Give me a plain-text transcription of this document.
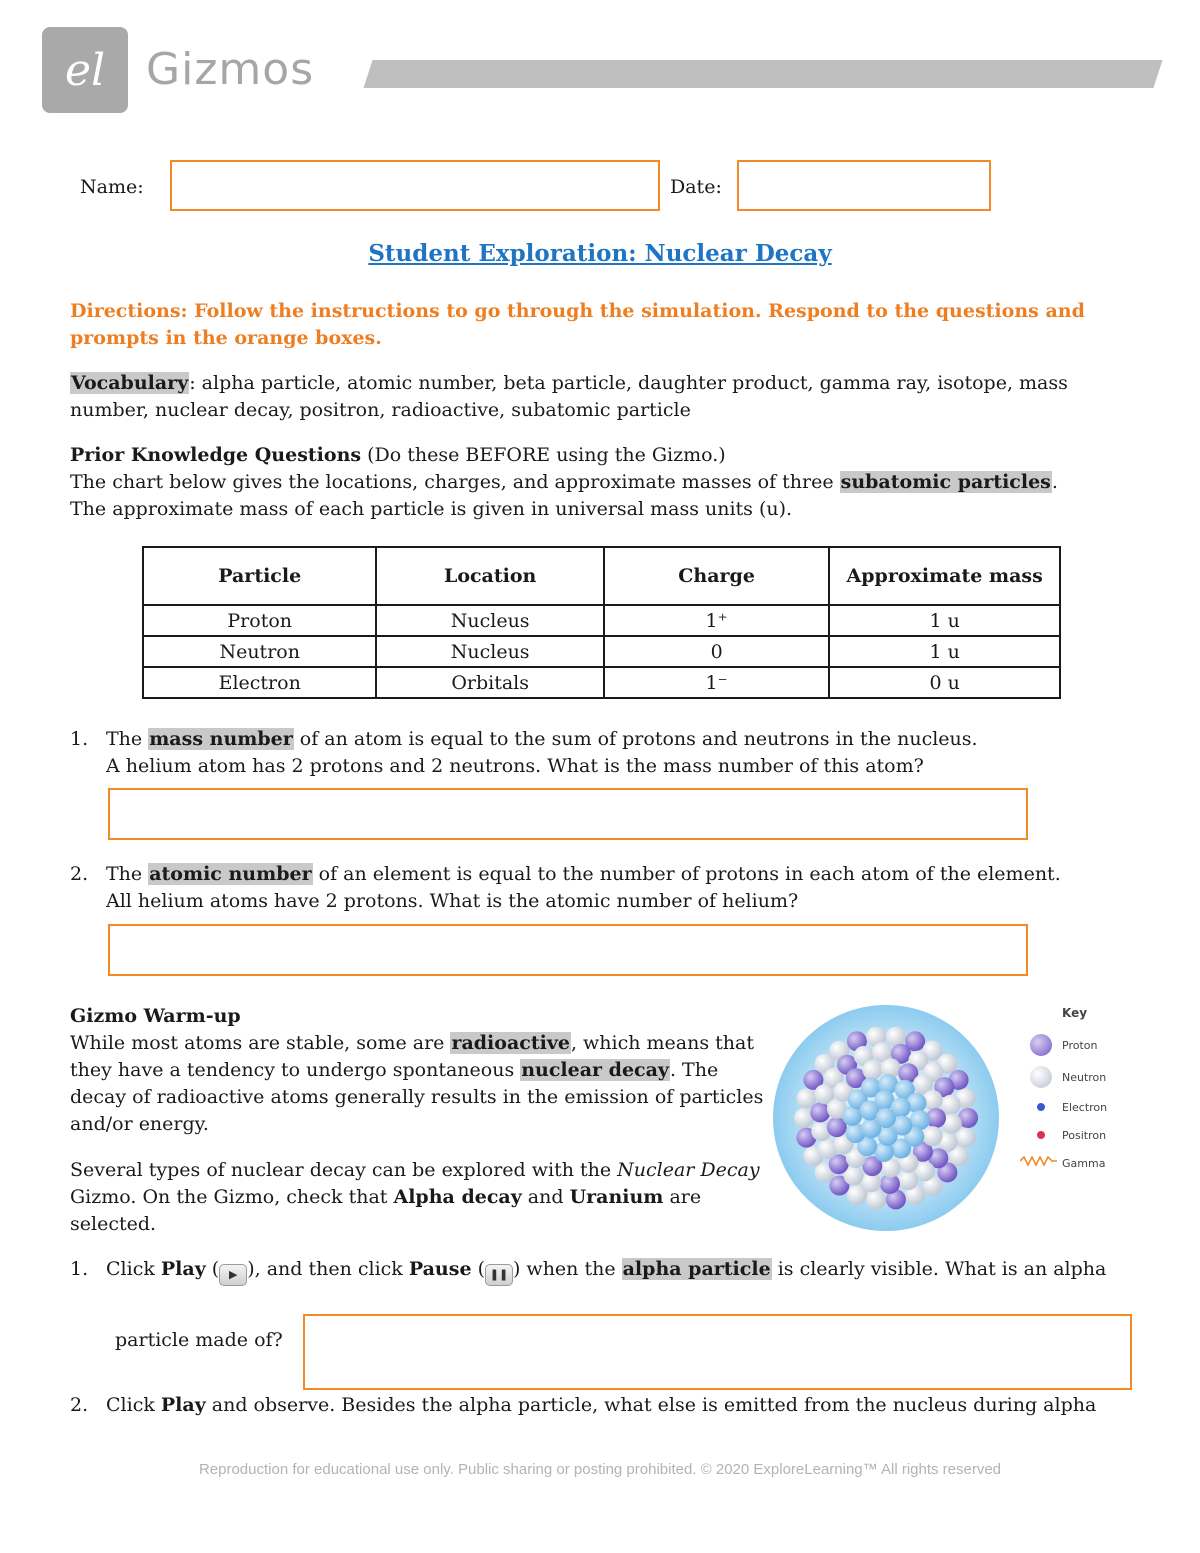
el Gizmos
Name:	Date:
Student Exploration: Nuclear Decay
Directions: Follow the instructions to go through the simulation. Respond to the questions and prompts in the orange boxes.
Vocabulary: alpha particle, atomic number, beta particle, daughter product, gamma ray, isotope, mass number, nuclear decay, positron, radioactive, subatomic particle
Prior Knowledge Questions (Do these BEFORE using the Gizmo.)
The chart below gives the locations, charges, and approximate masses of three subatomic particles.
The approximate mass of each particle is given in universal mass units (u).
Particle	Location	Charge	Approximate mass
Proton	Nucleus	1⁺	1 u
Neutron	Nucleus	0	1 u
Electron	Orbitals	1⁻	0 u
1. The mass number of an atom is equal to the sum of protons and neutrons in the nucleus.
A helium atom has 2 protons and 2 neutrons. What is the mass number of this atom?
2. The atomic number of an element is equal to the number of protons in each atom of the element. All helium atoms have 2 protons. What is the atomic number of helium?
Gizmo Warm-up
While most atoms are stable, some are radioactive, which means that they have a tendency to undergo spontaneous nuclear decay. The decay of radioactive atoms generally results in the emission of particles and/or energy.
Several types of nuclear decay can be explored with the Nuclear Decay Gizmo. On the Gizmo, check that Alpha decay and Uranium are selected.
Key
Proton
Neutron
Electron
Positron
Gamma
1. Click Play ( ▶ ), and then click Pause ( ❚❚ ) when the alpha particle is clearly visible. What is an alpha
particle made of?
2. Click Play and observe. Besides the alpha particle, what else is emitted from the nucleus during alpha
Reproduction for educational use only. Public sharing or posting prohibited. © 2020 ExploreLearning™ All rights reserved
